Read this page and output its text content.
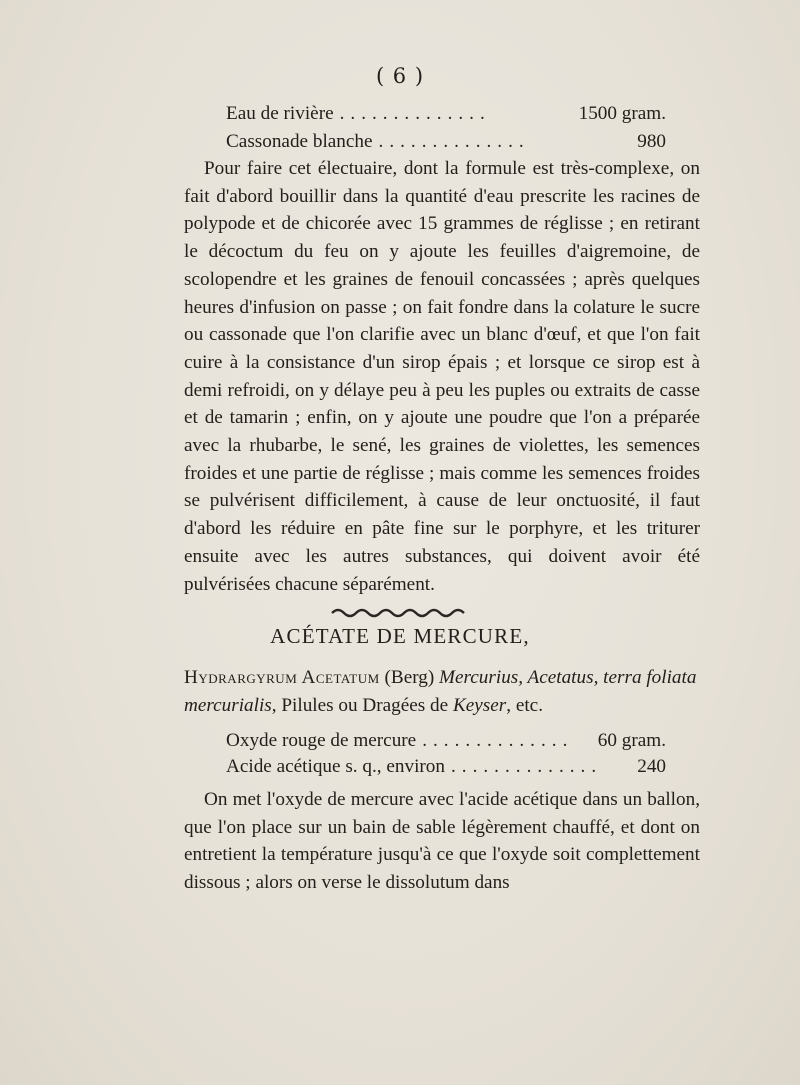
( 6 )
Eau de rivière ..............	1500 gram.
Cassonade blanche ..............	980

Pour faire cet électuaire, dont la formule est très-complexe, on fait d'abord bouillir dans la quantité d'eau prescrite les racines de polypode et de chicorée avec 15 grammes de réglisse ; en retirant le décoctum du feu on y ajoute les feuilles d'aigremoine, de scolopendre et les graines de fenouil concassées ; après quelques heures d'infusion on passe ; on fait fondre dans la colature le sucre ou cassonade que l'on clarifie avec un blanc d'œuf, et que l'on fait cuire à la consistance d'un sirop épais ; et lorsque ce sirop est à demi refroidi, on y délaye peu à peu les puples ou extraits de casse et de tamarin ; enfin, on y ajoute une poudre que l'on a préparée avec la rhubarbe, le sené, les graines de violettes, les semences froides et une partie de réglisse ; mais comme les semences froides se pulvérisent difficilement, à cause de leur onctuosité, il faut d'abord les réduire en pâte fine sur le porphyre, et les triturer ensuite avec les autres substances, qui doivent avoir été pulvérisées chacune séparément.

ACÉTATE DE MERCURE,
Hydrargyrum Acetatum (Berg) Mercurius, Acetatus, terra foliata mercurialis, Pilules ou Dragées de Keyser, etc.
Oxyde rouge de mercure ..............	60 gram.
Acide acétique s. q., environ ..............	240

On met l'oxyde de mercure avec l'acide acétique dans un ballon, que l'on place sur un bain de sable légèrement chauffé, et dont on entretient la température jusqu'à ce que l'oxyde soit complettement dissous ; alors on verse le dissolutum dans
